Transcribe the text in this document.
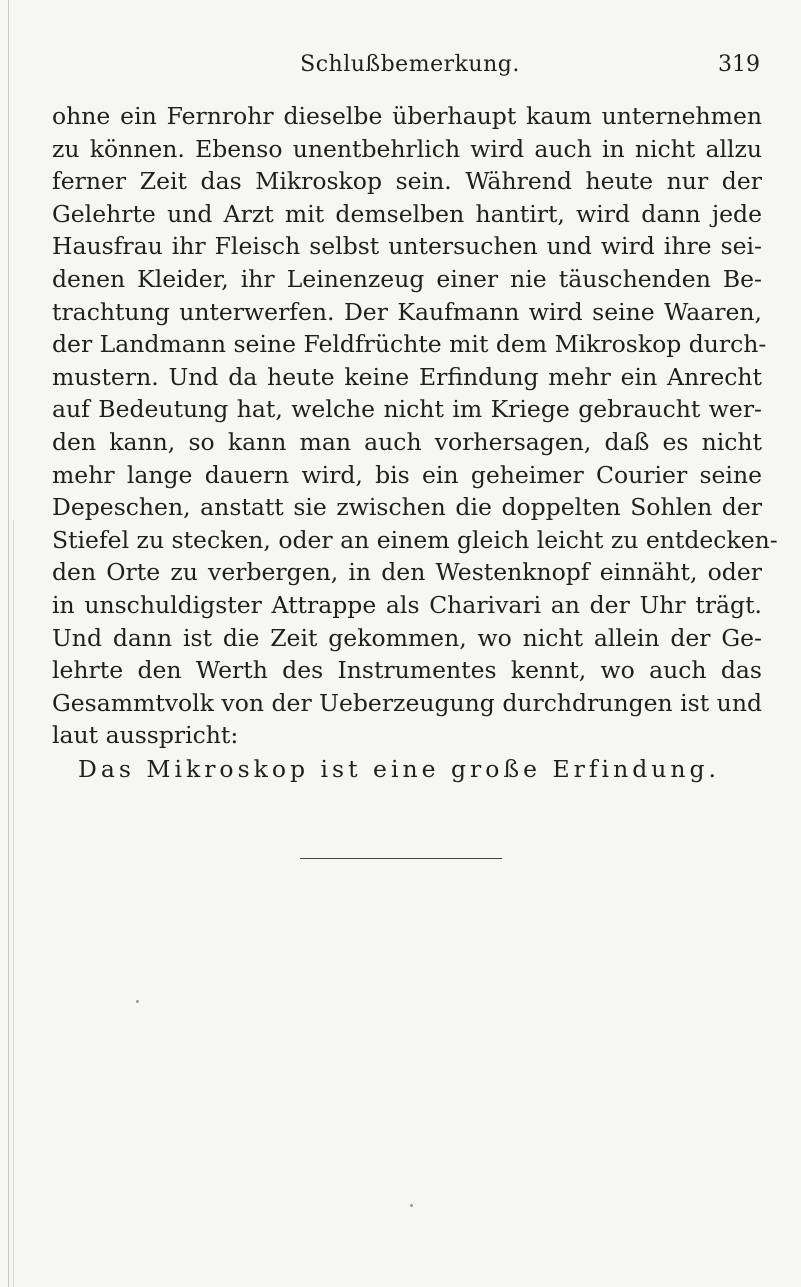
Schlußbemerkung.	319
ohne ein Fernrohr dieselbe überhaupt kaum unternehmen
zu können. Ebenso unentbehrlich wird auch in nicht allzu
ferner Zeit das Mikroskop sein. Während heute nur der
Gelehrte und Arzt mit demselben hantirt, wird dann jede
Hausfrau ihr Fleisch selbst untersuchen und wird ihre sei-
denen Kleider, ihr Leinenzeug einer nie täuschenden Be-
trachtung unterwerfen. Der Kaufmann wird seine Waaren,
der Landmann seine Feldfrüchte mit dem Mikroskop durch-
mustern. Und da heute keine Erfindung mehr ein Anrecht
auf Bedeutung hat, welche nicht im Kriege gebraucht wer-
den kann, so kann man auch vorhersagen, daß es nicht
mehr lange dauern wird, bis ein geheimer Courier seine
Depeschen, anstatt sie zwischen die doppelten Sohlen der
Stiefel zu stecken, oder an einem gleich leicht zu entdecken-
den Orte zu verbergen, in den Westenknopf einnäht, oder
in unschuldigster Attrappe als Charivari an der Uhr trägt.
Und dann ist die Zeit gekommen, wo nicht allein der Ge-
lehrte den Werth des Instrumentes kennt, wo auch das
Gesammtvolk von der Ueberzeugung durchdrungen ist und
laut ausspricht:
Das Mikroskop ist eine große Erfindung.
